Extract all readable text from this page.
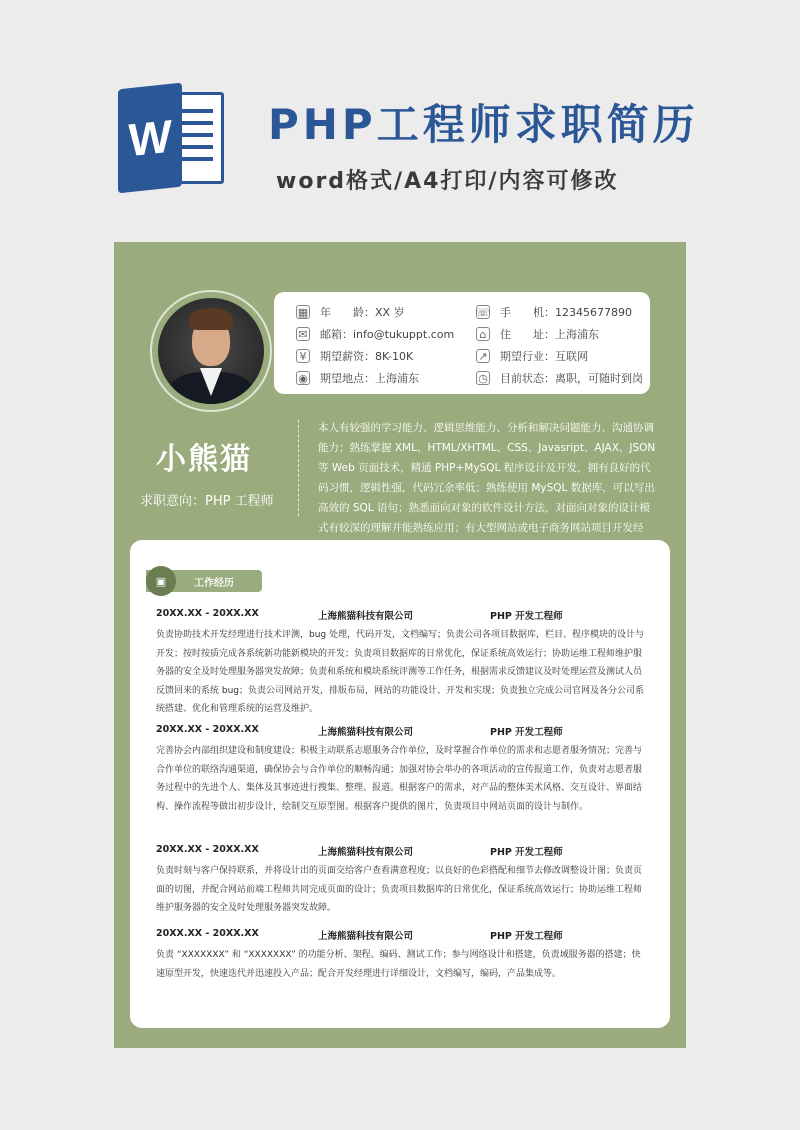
W PHP工程师求职简历
word格式/A4打印/内容可修改
▦ 年　　龄：XX 岁	☏ 手　　机：12345677890
✉ 邮箱：info@tukuppt.com	⌂	住　　址：上海浦东
¥	期望薪资：8K-10K	↗ 期望行业：互联网
◉ 期望地点：上海浦东	◷ 目前状态：离职，可随时到岗
小熊猫
求职意向：PHP 工程师
本人有较强的学习能力、逻辑思维能力、分析和解决问题能力、沟通协调能力；熟练掌握 XML、HTML/XHTML、CSS、Javasript、AJAX、JSON 等 Web 页面技术，精通 PHP+MySQL 程序设计及开发，拥有良好的代码习惯，逻辑性强，代码冗余率低；熟练使用 MySQL 数据库，可以写出高效的 SQL 语句；熟悉面向对象的软件设计方法，对面向对象的设计模式有较深的理解并能熟练应用；有大型网站或电子商务网站项目开发经
▣	工作经历
20XX.XX - 20XX.XX	上海熊猫科技有限公司	PHP 开发工程师
负责协助技术开发经理进行技术评测，bug 处理，代码开发，文档编写；负责公司各项目数据库，栏目、程序模块的设计与开发；按时按质完成各系统新功能新模块的开发；负责项目数据库的日常优化，保证系统高效运行；协助运维工程师维护服务器的安全及时处理服务器突发故障；负责和系统和模块系统评测等工作任务，根据需求反馈建议及时处理运营及测试人员反馈回来的系统 bug；负责公司网站开发，排版布局，网站的功能设计、开发和实现；负责独立完成公司官网及各分公司系统搭建、优化和管理系统的运营及维护。
20XX.XX - 20XX.XX	上海熊猫科技有限公司	PHP 开发工程师
完善协会内部组织建设和制度建设；积极主动联系志愿服务合作单位，及时掌握合作单位的需求和志愿者服务情况；完善与合作单位的联络沟通渠道，确保协会与合作单位的顺畅沟通；加强对协会举办的各项活动的宣传报道工作，负责对志愿者服务过程中的先进个人、集体及其事迹进行搜集、整理、报道。根据客户的需求，对产品的整体美术风格、交互设计、界面结构、操作流程等做出初步设计，绘制交互原型图。根据客户提供的图片，负责项目中网站页面的设计与制作。
20XX.XX - 20XX.XX	上海熊猫科技有限公司	PHP 开发工程师
负责时刻与客户保持联系，并将设计出的页面交给客户查看满意程度；以良好的色彩搭配和细节去修改调整设计图；负责页面的切图，并配合网站前端工程师共同完成页面的设计；负责项目数据库的日常优化，保证系统高效运行；协助运维工程师维护服务器的安全及时处理服务器突发故障。
20XX.XX - 20XX.XX	上海熊猫科技有限公司	PHP 开发工程师
负责 “XXXXXXX” 和 “XXXXXXX” 的功能分析、架程、编码、测试工作；参与网络设计和搭建，负责域服务器的搭建；快速原型开发，快速迭代并迅速投入产品；配合开发经理进行详细设计，文档编写，编码，产品集成等。
